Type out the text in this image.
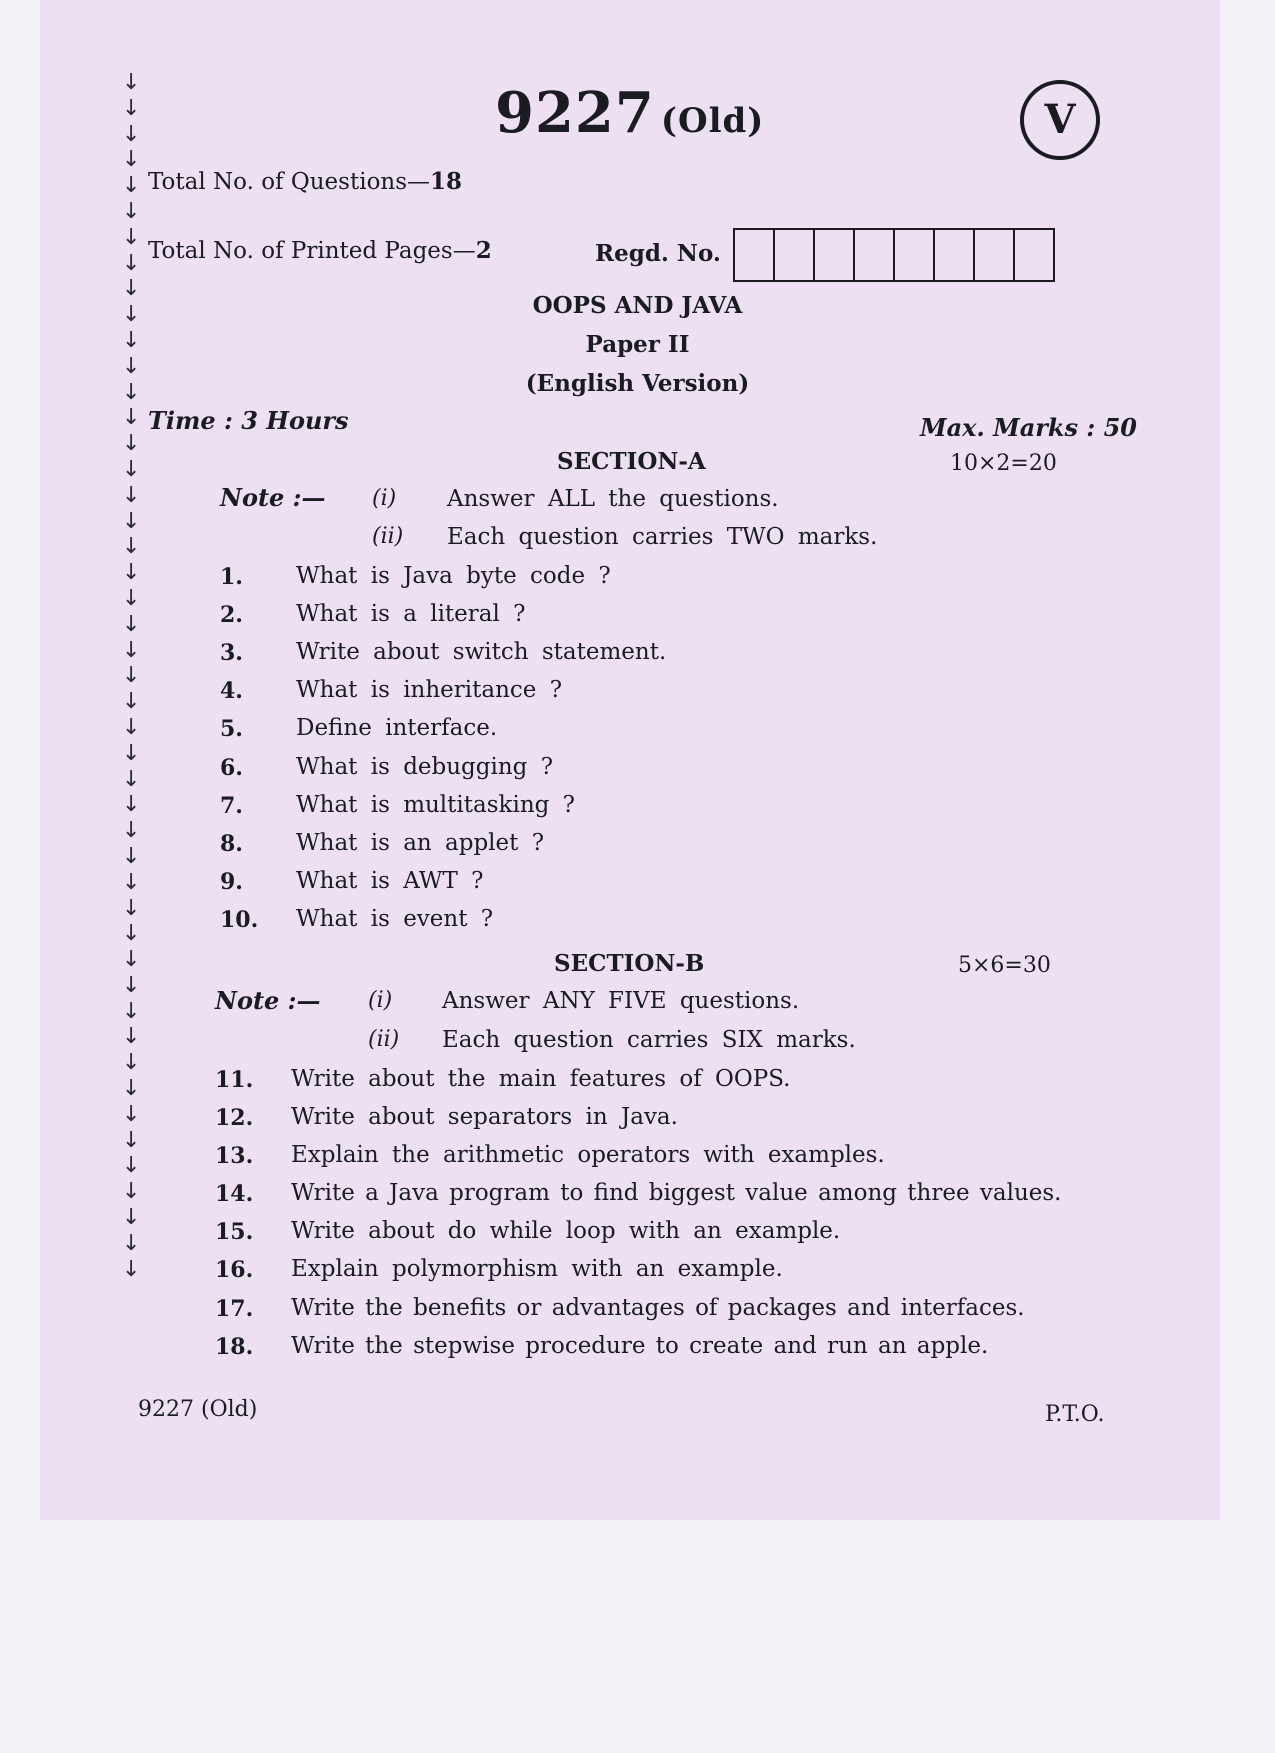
↓
↓
↓
↓
↓
↓
↓
↓
↓
↓
↓
↓
↓
↓
↓
↓
↓
↓
↓
↓
↓
↓
↓
↓
↓
↓
↓
↓
↓
↓
↓
↓
↓
↓
↓
↓
↓
↓
↓
↓
↓
↓
↓
↓
↓
↓
↓
9227 (Old)	V
Total No. of Questions—18
Total No. of Printed Pages—2	Regd. No.
OOPS AND JAVA
Paper II
(English Version)
Time : 3 Hours	Max. Marks : 50
SECTION-A	10×2=20
Note :— (i) Answer ALL the questions.
(ii) Each question carries TWO marks.
1. What is Java byte code ?
2. What is a literal ?
3. Write about switch statement.
4. What is inheritance ?
5. Define interface.
6. What is debugging ?
7. What is multitasking ?
8. What is an applet ?
9. What is AWT ?
10. What is event ?
SECTION-B	5×6=30
Note :— (i) Answer ANY FIVE questions.
(ii) Each question carries SIX marks.
11. Write about the main features of OOPS.
12. Write about separators in Java.
13. Explain the arithmetic operators with examples.
14. Write a Java program to find biggest value among three values.
15. Write about do while loop with an example.
16. Explain polymorphism with an example.
17. Write the benefits or advantages of packages and interfaces.
18. Write the stepwise procedure to create and run an apple.
9227 (Old)	P.T.O.
